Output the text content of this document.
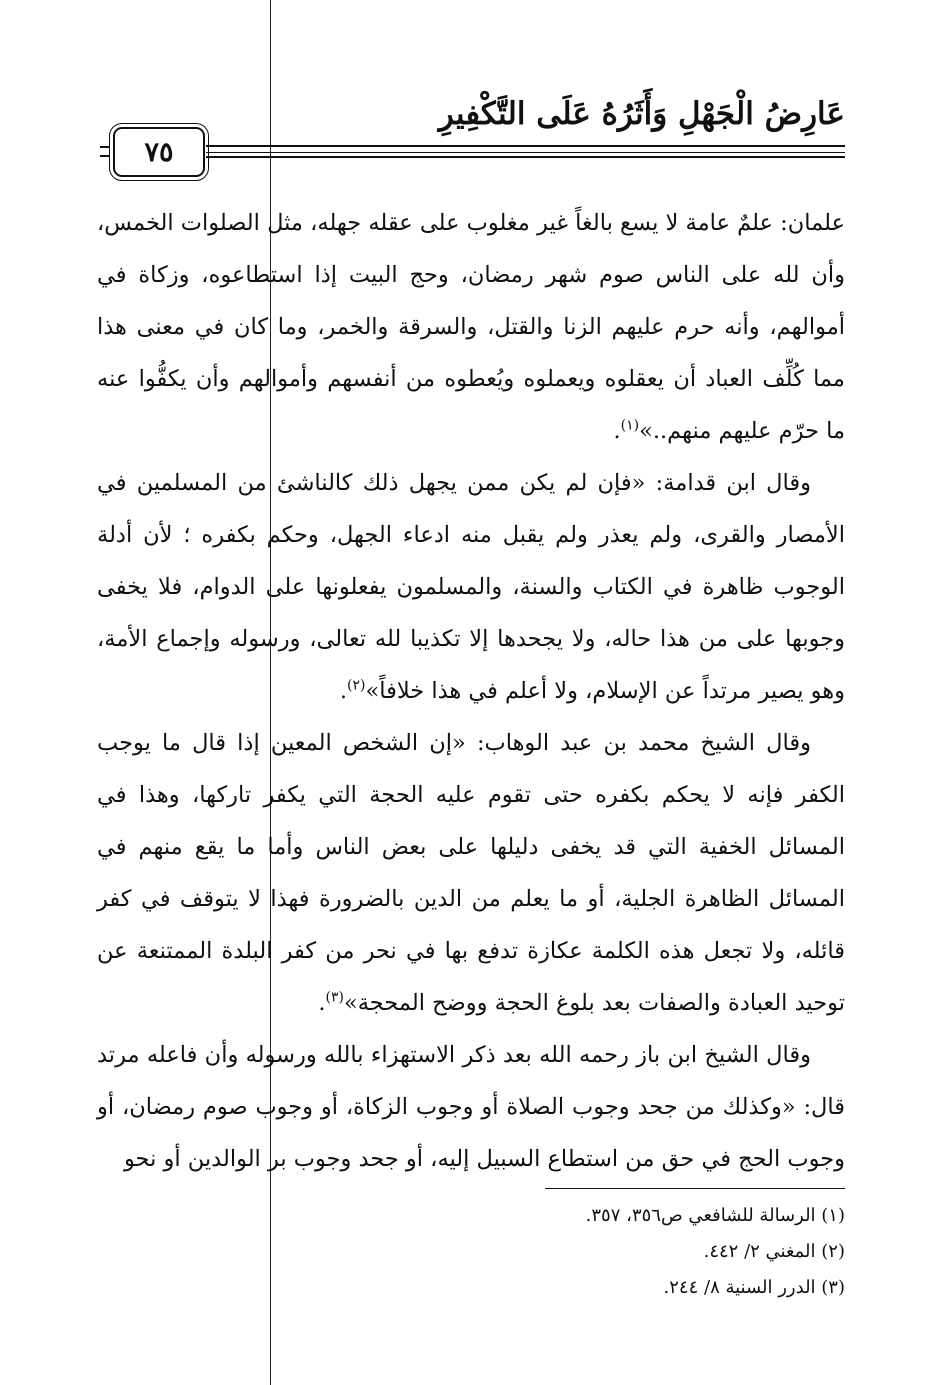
عَارِضُ الْجَهْلِ وَأَثَرُهُ عَلَى التَّكْفِيرِ
٧٥

علمان: علمٌ عامة لا يسع بالغاً غير مغلوب على عقله جهله، مثل الصلوات الخمس، وأن لله على الناس صوم شهر رمضان، وحج البيت إذا استطاعوه، وزكاة في أموالهم، وأنه حرم عليهم الزنا والقتل، والسرقة والخمر، وما كان في معنى هذا مما كُلِّف العباد أن يعقلوه ويعملوه ويُعطوه من أنفسهم وأموالهم وأن يكفُّوا عنه ما حرّم عليهم منهم..»$^{(١)}$.

وقال ابن قدامة: «فإن لم يكن ممن يجهل ذلك كالناشئ من المسلمين في الأمصار والقرى، ولم يعذر ولم يقبل منه ادعاء الجهل، وحكم بكفره ؛ لأن أدلة الوجوب ظاهرة في الكتاب والسنة، والمسلمون يفعلونها على الدوام، فلا يخفى وجوبها على من هذا حاله، ولا يجحدها إلا تكذيبا لله تعالى، ورسوله وإجماع الأمة، وهو يصير مرتداً عن الإسلام، ولا أعلم في هذا خلافاً»$^{(٢)}$.

وقال الشيخ محمد بن عبد الوهاب: «إن الشخص المعين إذا قال ما يوجب الكفر فإنه لا يحكم بكفره حتى تقوم عليه الحجة التي يكفر تاركها، وهذا في المسائل الخفية التي قد يخفى دليلها على بعض الناس وأما ما يقع منهم في المسائل الظاهرة الجلية، أو ما يعلم من الدين بالضرورة فهذا لا يتوقف في كفر قائله، ولا تجعل هذه الكلمة عكازة تدفع بها في نحر من كفر البلدة الممتنعة عن توحيد العبادة والصفات بعد بلوغ الحجة ووضح المحجة»$^{(٣)}$.

وقال الشيخ ابن باز رحمه الله بعد ذكر الاستهزاء بالله ورسوله وأن فاعله مرتد قال: «وكذلك من جحد وجوب الصلاة أو وجوب الزكاة، أو وجوب صوم رمضان، أو وجوب الحج في حق من استطاع السبيل إليه، أو جحد وجوب بر الوالدين أو نحو

(١) الرسالة للشافعي ص٣٥٦، ٣٥٧.
(٢) المغني ٢/ ٤٤٢.
(٣) الدرر السنية ٨/ ٢٤٤.
